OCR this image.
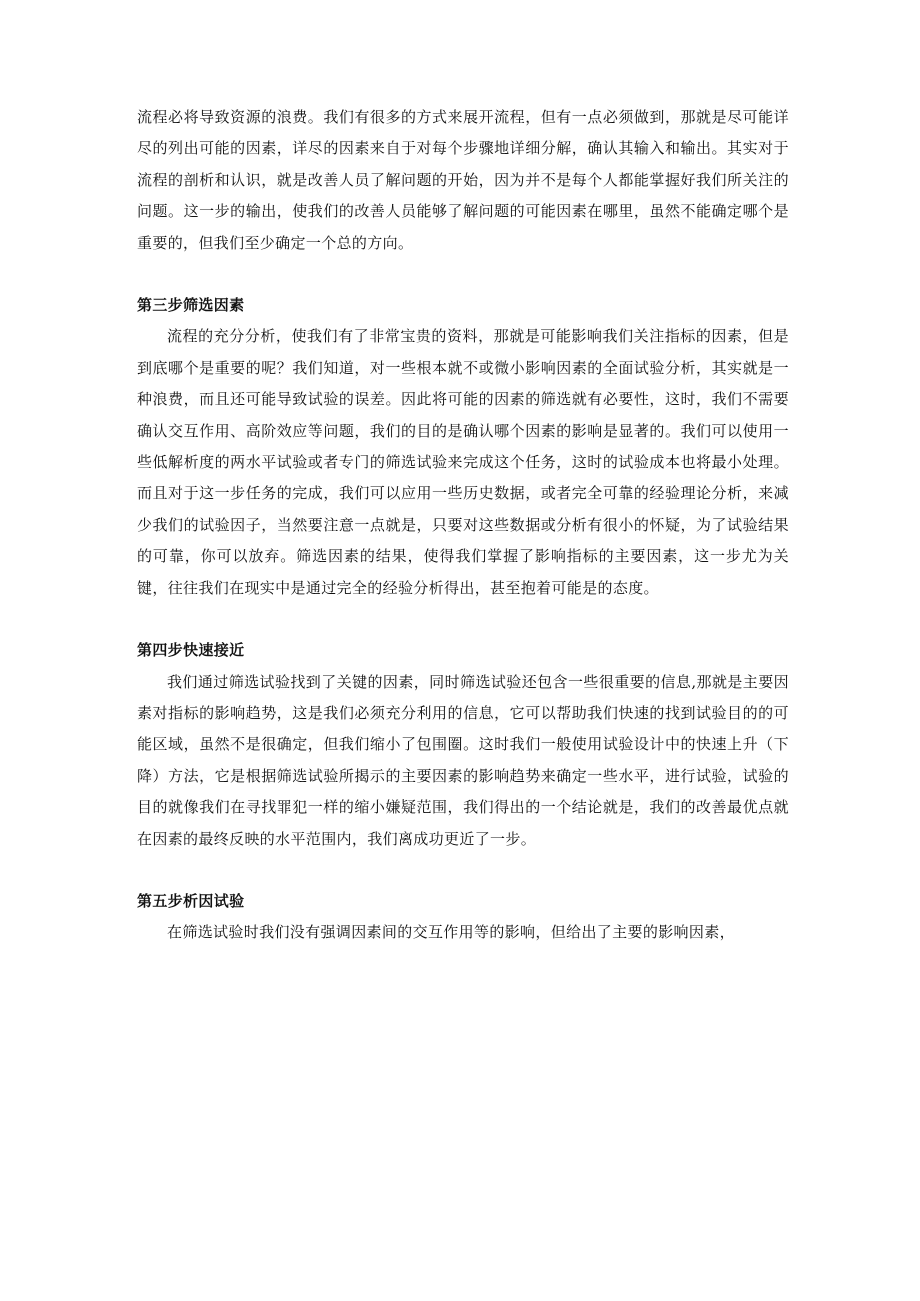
流程必将导致资源的浪费。我们有很多的方式来展开流程，但有一点必须做到，那就是尽可能详尽的列出可能的因素，详尽的因素来自于对每个步骤地详细分解，确认其输入和输出。其实对于流程的剖析和认识，就是改善人员了解问题的开始，因为并不是每个人都能掌握好我们所关注的问题。这一步的输出，使我们的改善人员能够了解问题的可能因素在哪里，虽然不能确定哪个是重要的，但我们至少确定一个总的方向。

第三步筛选因素

流程的充分分析，使我们有了非常宝贵的资料，那就是可能影响我们关注指标的因素，但是到底哪个是重要的呢？我们知道，对一些根本就不或微小影响因素的全面试验分析，其实就是一种浪费，而且还可能导致试验的误差。因此将可能的因素的筛选就有必要性，这时，我们不需要确认交互作用、高阶效应等问题，我们的目的是确认哪个因素的影响是显著的。我们可以使用一些低解析度的两水平试验或者专门的筛选试验来完成这个任务，这时的试验成本也将最小处理。而且对于这一步任务的完成，我们可以应用一些历史数据，或者完全可靠的经验理论分析，来减少我们的试验因子，当然要注意一点就是，只要对这些数据或分析有很小的怀疑，为了试验结果的可靠，你可以放弃。筛选因素的结果，使得我们掌握了影响指标的主要因素，这一步尤为关键，往往我们在现实中是通过完全的经验分析得出，甚至抱着可能是的态度。

第四步快速接近

我们通过筛选试验找到了关键的因素，同时筛选试验还包含一些很重要的信息,那就是主要因素对指标的影响趋势，这是我们必须充分利用的信息，它可以帮助我们快速的找到试验目的的可能区域，虽然不是很确定，但我们缩小了包围圈。这时我们一般使用试验设计中的快速上升（下降）方法，它是根据筛选试验所揭示的主要因素的影响趋势来确定一些水平，进行试验，试验的目的就像我们在寻找罪犯一样的缩小嫌疑范围，我们得出的一个结论就是，我们的改善最优点就在因素的最终反映的水平范围内，我们离成功更近了一步。

第五步析因试验

在筛选试验时我们没有强调因素间的交互作用等的影响，但给出了主要的影响因素，
